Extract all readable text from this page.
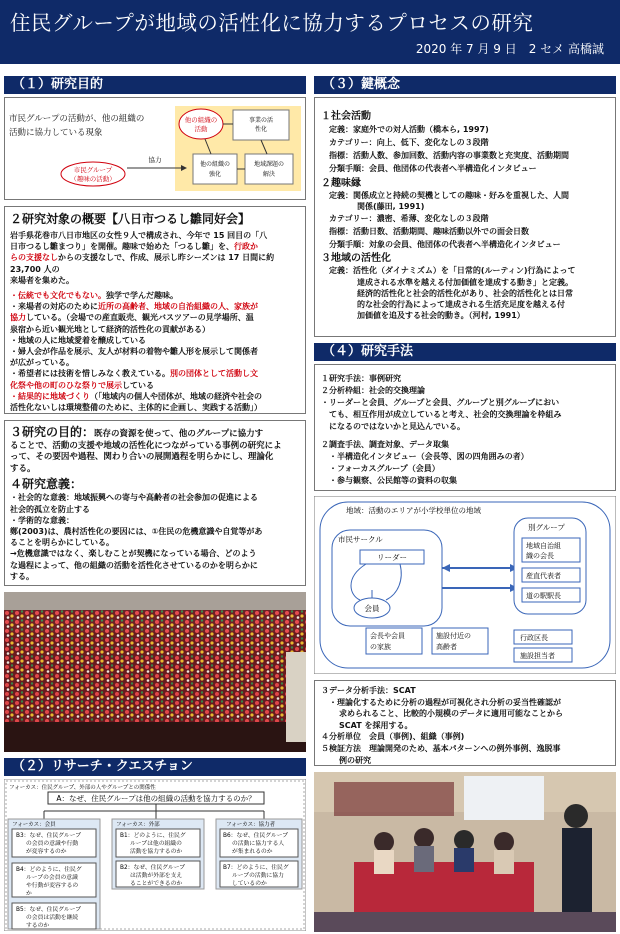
住民グループが地域の活性化に協力するプロセスの研究
2020 年 7 月 9 日　2 セメ 高橋誠
（１）研究目的
市民グループの活動が、他の組織の
活動に協力している現象
市民グループ
（趣味の活動）
協力
他の組織の
活動
事業の活
性化
他の組織の
強化
地域課題の
解決
２研究対象の概要【八日市つるし雛同好会】
岩手県花巻市八日市地区の女性９人で構成され、今年で 15 回目の「八
日市つるし雛まつり」を開催。趣味で始めた「つるし雛」を、行政か
らの支援なしからの支援なしで、作成、展示し昨シーズンは 17 日間に約 23,700 人の
来場者を集めた。
・伝統でも文化でもない。独学で学んだ趣味。
・来場者の対応のために近所の高齢者、地域の自治組織の人、家族が
協力している。（会場での産直販売、観光バスツアーの見学場所、温
泉宿から近い観光地として経済的活性化の貢献がある）
・地域の人に地域愛着を醸成している
・婦人会が作品を展示、友人が材料の着物や雛人形を展示して関係者
が広がっている。
・希望者には技術を惜しみなく教えている。別の団体として活動し文
化祭や他の町のひな祭りで展示している
・結果的に地域づくり（「地域内の個人や団体が、地域の経済や社会の
活性化ないしは環境整備のために、主体的に企画し、実践する活動」）
３研究の目的：既存の資源を使って、他のグループに協力す
ることで、活動の支援や地域の活性化につながっている事例の研究によ
って、その要因や過程、関わり合いの展開過程を明らかにし、理論化
する。
４研究意義：
・社会的な意義：地域振興への寄与や高齢者の社会参加の促進による
社会的孤立を防止する
・学術的な意義：
鄭(2003)は、農村活性化の要因には、①住民の危機意識や自覚等があ
ることを明らかにしている。
→危機意識ではなく、楽しむことが契機になっている場合、どのよう
な過程によって、他の組織の活動を活性化させているのかを明らかに
する。
（２）リサーチ・クエスチョン
フォーカス：住民グループ、外部の人やグループとの関係性
A：なぜ、住民グループは他の組織の活動を協力するのか？
フォーカス：会員	フォーカス：外部	フォーカス：協力者
B3：なぜ、住民グループ
の会員の意識や行動
が変容するのか
B4：どのように、住民グ
ループの会員の意識
や行動が変容するの
か
B5：なぜ、住民グループ
の会員は活動を継続
するのか
B1：どのように、住民グ
ループは他の組織の
活動を協力するのか
B2：なぜ、住民グループ
は活動が外部を支え
ることができるのか
B6：なぜ、住民グループ
の活動に協力する人
が集まれるのか
B7：どのように、住民グ
ループの活動に協力
しているのか
（３）鍵概念
１社会活動
定義：家庭外での対人活動（橋本ら, 1997)
カテゴリー：向上、低下、変化なしの３段階
指標：活動人数、参加回数、活動内容の事業数と充実度、活動期間
分類手順：会員、他団体の代表者へ半構造化インタビュー
２趣味縁
定義：関係成立と持続の契機としての趣味・好みを重視した、人間
関係(藤田, 1991)
カテゴリー：濃密、希薄、変化なしの３段階
指標：活動日数、活動期間、趣味活動以外での面会日数
分類手順：対象の会員、他団体の代表者へ半構造化インタビュー
３地域の活性化
定義：活性化（ダイナミズム）を「日常的(ルーティン)行為によって
達成される水準を越える付加価値を達成する動き」と定義。
経済的活性化と社会的活性化があり、社会的活性化とは日常
的な社会的行為によって達成される生活充足度を越える付
加価値を追及する社会的動き。（河村, 1991）
（４）研究手法
１研究手法：事例研究
２分析枠組：社会的交換理論
・リーダーと会員、グループと会員、グループと別グループにおい
ても、相互作用が成立していると考え、社会的交換理論を枠組み
になるのではないかと見込んでいる。
２調査手法、調査対象、データ取集
・半構造化インタビュー（会長等、図の四角囲みの者）
・フォーカスグループ（会員）
・参与観察、公民館等の資料の収集
地域：活動のエリアが小学校単位の地域
市民サークル
リーダー
会員
別グループ
地域自治組
織の会長
産直代表者
道の駅駅長
会長や会員
の家族
施設付近の
高齢者
行政区長
施設担当者
３データ分析手法：SCAT
・理論化するために分析の過程が可視化され分析の妥当性確認が
求められること、比較的小規模のデータに適用可能なことから
SCAT を採用する。
４分析単位　会員（事例)、組織（事例)
５検証方法　理論開発のため、基本パターンへの例外事例、逸脱事
例の研究
